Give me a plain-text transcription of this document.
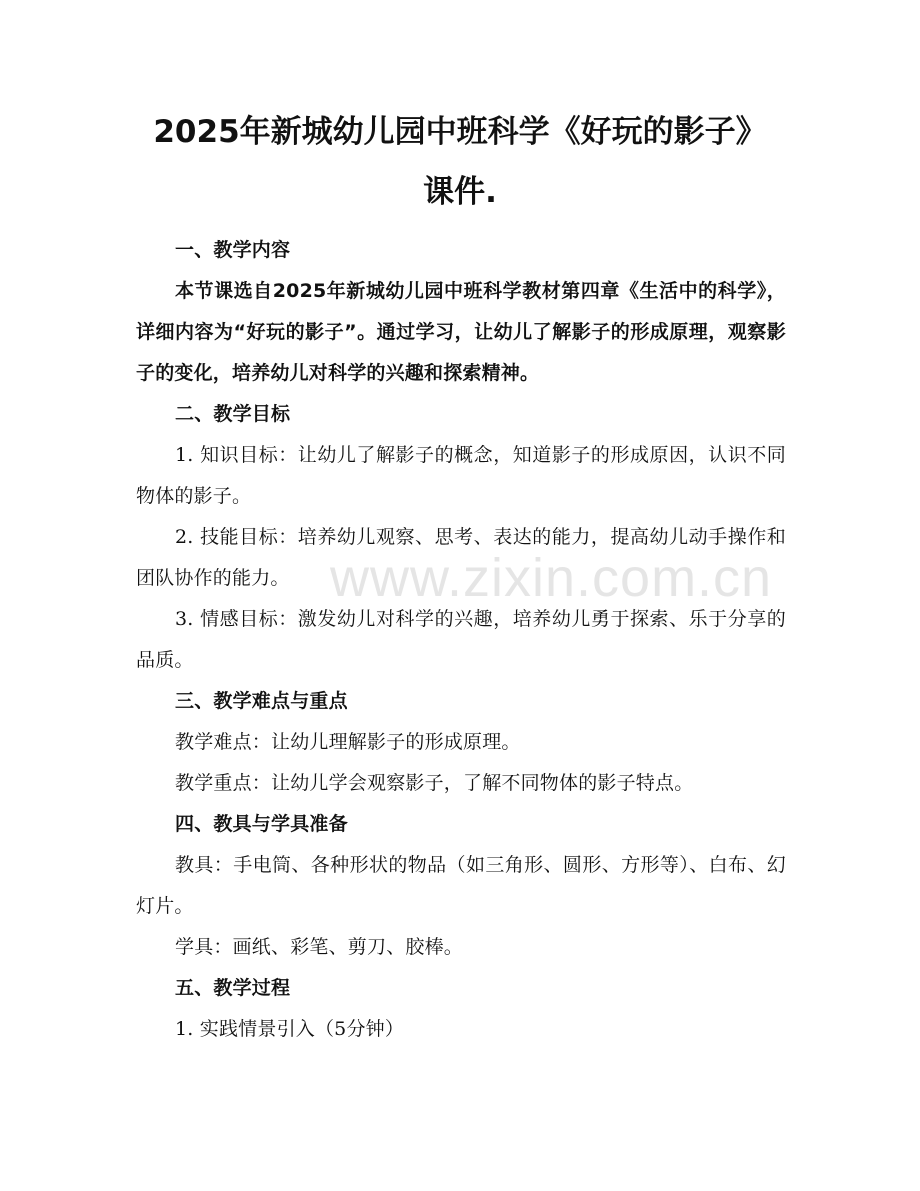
2025年新城幼儿园中班科学《好玩的影子》
课件.

一、教学内容

本节课选自2025年新城幼儿园中班科学教材第四章《生活中的科学》，详细内容为“好玩的影子”。通过学习，让幼儿了解影子的形成原理，观察影子的变化，培养幼儿对科学的兴趣和探索精神。

二、教学目标

1. 知识目标：让幼儿了解影子的概念，知道影子的形成原因，认识不同物体的影子。

2. 技能目标：培养幼儿观察、思考、表达的能力，提高幼儿动手操作和团队协作的能力。

3. 情感目标：激发幼儿对科学的兴趣，培养幼儿勇于探索、乐于分享的品质。

三、教学难点与重点

教学难点：让幼儿理解影子的形成原理。

教学重点：让幼儿学会观察影子，了解不同物体的影子特点。

四、教具与学具准备

教具：手电筒、各种形状的物品（如三角形、圆形、方形等）、白布、幻灯片。

学具：画纸、彩笔、剪刀、胶棒。

五、教学过程

1. 实践情景引入（5分钟）

www.zixin.com.cn
